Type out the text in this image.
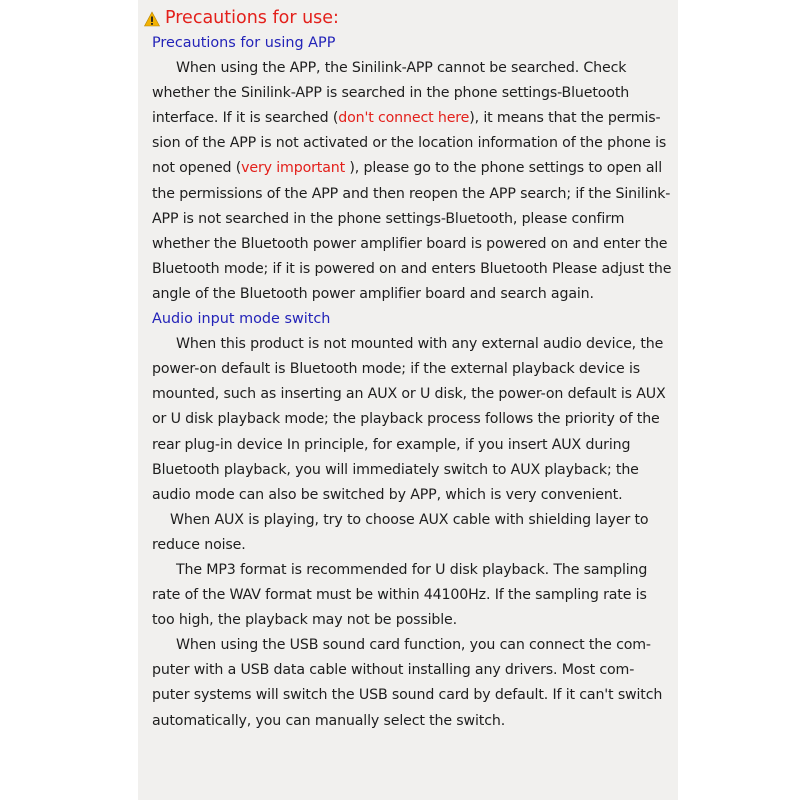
Precautions for use:
Precautions for using APP

When using the APP, the Sinilink-APP cannot be searched. Check whether the Sinilink-APP is searched in the phone settings-Bluetooth interface. If it is searched (don't connect here), it means that the permis- sion of the APP is not activated or the location information of the phone is not opened (very important ), please go to the phone settings to open all the permissions of the APP and then reopen the APP search; if the Sinilink-APP is not searched in the phone settings-Bluetooth, please confirm whether the Bluetooth power amplifier board is powered on and enter the Bluetooth mode; if it is powered on and enters Bluetooth Please adjust the angle of the Bluetooth power amplifier board and search again.

Audio input mode switch

When this product is not mounted with any external audio device, the power-on default is Bluetooth mode; if the external playback device is mounted, such as inserting an AUX or U disk, the power-on default is AUX or U disk playback mode; the playback process follows the priority of the rear plug-in device In principle, for example, if you insert AUX during Bluetooth playback, you will immediately switch to AUX playback; the audio mode can also be switched by APP, which is very convenient.

When AUX is playing, try to choose AUX cable with shielding layer to reduce noise.

The MP3 format is recommended for U disk playback. The sampling rate of the WAV format must be within 44100Hz. If the sampling rate is too high, the playback may not be possible.

When using the USB sound card function, you can connect the com- puter with a USB data cable without installing any drivers. Most com- puter systems will switch the USB sound card by default. If it can't switch automatically, you can manually select the switch.
